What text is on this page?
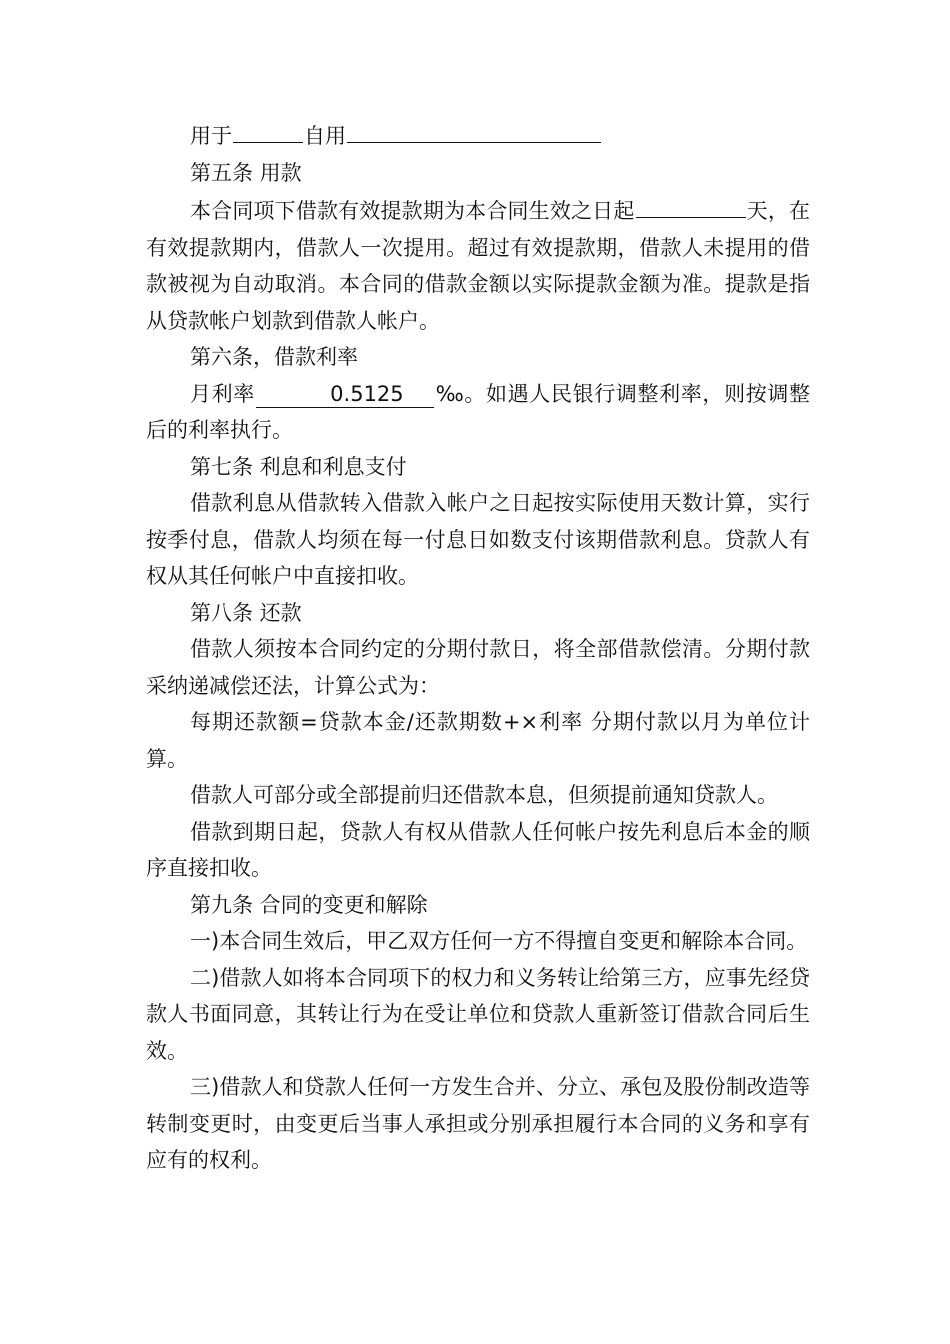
用于	自用

第五条 用款

本合同项下借款有效提款期为本合同生效之日起	天，在有效提款期内，借款人一次提用。超过有效提款期，借款人未提用的借款被视为自动取消。本合同的借款金额以实际提款金额为准。提款是指从贷款帐户划款到借款人帐户。

第六条，借款利率

月利率	0.5125 ‰。如遇人民银行调整利率，则按调整后的利率执行。

第七条 利息和利息支付

借款利息从借款转入借款入帐户之日起按实际使用天数计算，实行按季付息，借款人均须在每一付息日如数支付该期借款利息。贷款人有权从其任何帐户中直接扣收。

第八条 还款

借款人须按本合同约定的分期付款日，将全部借款偿清。分期付款采纳递减偿还法，计算公式为：

每期还款额=贷款本金/还款期数+×利率 分期付款以月为单位计算。

借款人可部分或全部提前归还借款本息，但须提前通知贷款人。

借款到期日起，贷款人有权从借款人任何帐户按先利息后本金的顺序直接扣收。

第九条 合同的变更和解除

一)本合同生效后，甲乙双方任何一方不得擅自变更和解除本合同。

二)借款人如将本合同项下的权力和义务转让给第三方，应事先经贷款人书面同意，其转让行为在受让单位和贷款人重新签订借款合同后生效。

三)借款人和贷款人任何一方发生合并、分立、承包及股份制改造等转制变更时，由变更后当事人承担或分别承担履行本合同的义务和享有应有的权利。
